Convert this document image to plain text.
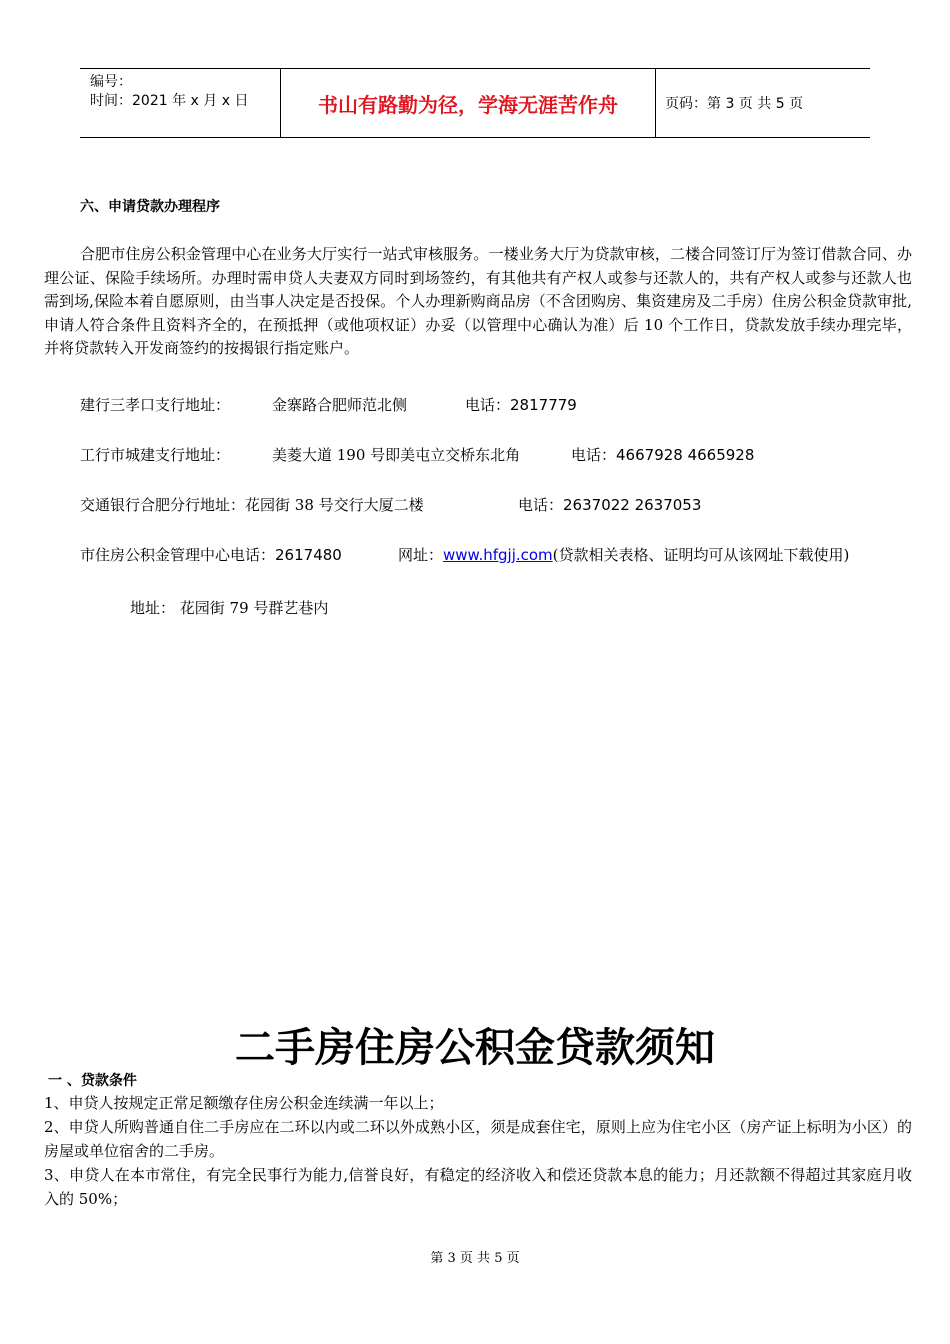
编号：
时间：2021 年 x 月 x 日	书山有路勤为径，学海无涯苦作舟	页码：第 3 页 共 5 页
六、申请贷款办理程序
合肥市住房公积金管理中心在业务大厅实行一站式审核服务。一楼业务大厅为贷款审核，二楼合同签订厅为签订借款合同、办理公证、保险手续场所。办理时需申贷人夫妻双方同时到场签约，有其他共有产权人或参与还款人的，共有产权人或参与还款人也需到场,保险本着自愿原则，由当事人决定是否投保。个人办理新购商品房（不含团购房、集资建房及二手房）住房公积金贷款审批,申请人符合条件且资料齐全的，在预抵押（或他项权证）办妥（以管理中心确认为准）后 10 个工作日，贷款发放手续办理完毕，并将贷款转入开发商签约的按揭银行指定账户。
建行三孝口支行地址：	金寨路合肥师范北侧	电话：2817779
工行市城建支行地址：	美菱大道 190 号即美屯立交桥东北角	电话：4667928 4665928
交通银行合肥分行地址：花园街 38 号交行大厦二楼	电话：2637022 2637053
市住房公积金管理中心电话：2617480	网址：www.hfgjj.com(贷款相关表格、证明均可从该网址下载使用)
地址： 花园街 79 号群艺巷内
二手房住房公积金贷款须知
一 、贷款条件
1、申贷人按规定正常足额缴存住房公积金连续满一年以上；
2、申贷人所购普通自住二手房应在二环以内或二环以外成熟小区，须是成套住宅，原则上应为住宅小区（房产证上标明为小区）的房屋或单位宿舍的二手房。
3、申贷人在本市常住，有完全民事行为能力,信誉良好，有稳定的经济收入和偿还贷款本息的能力；月还款额不得超过其家庭月收入的 50%；
第 3 页 共 5 页
